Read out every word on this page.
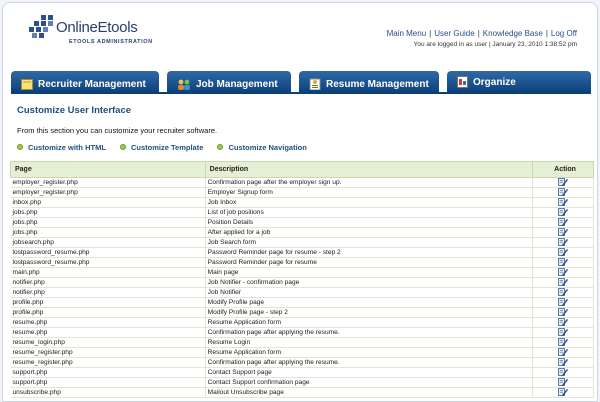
OnlineEtools
ETOOLS ADMINISTRATION
Main Menu | User Guide | Knowledge Base | Log Off
You are logged in as user | January 23, 2010 1:38:52 pm
Recruiter Management	Job Management	Resume Management	Organize
Customize User Interface
From this section you can customize your recruiter software.
Customize with HTML	Customize Template	Customize Navigation
Page	Description	Action
employer_register.php	Confirmation page after the employer sign up.	
employer_register.php	Employer Signup form	
inbox.php	Job Inbox	
jobs.php	List of job positions	
jobs.php	Position Details	
jobs.php	After applied for a job	
jobsearch.php	Job Search form	
lostpassword_resume.php	Password Reminder page for resume - step 2	
lostpassword_resume.php	Password Reminder page for resume	
main.php	Main page	
notifier.php	Job Notifier - confirmation page	
notifier.php	Job Notifier	
profile.php	Modify Profile page	
profile.php	Modify Profile page - step 2	
resume.php	Resume Application form	
resume.php	Confirmation page after applying the resume.	
resume_login.php	Resume Login	
resume_register.php	Resume Application form	
resume_register.php	Confirmation page after applying the resume.	
support.php	Contact Support page	
support.php	Contact Support confirmation page	
unsubscribe.php	Mailout Unsubscribe page	
